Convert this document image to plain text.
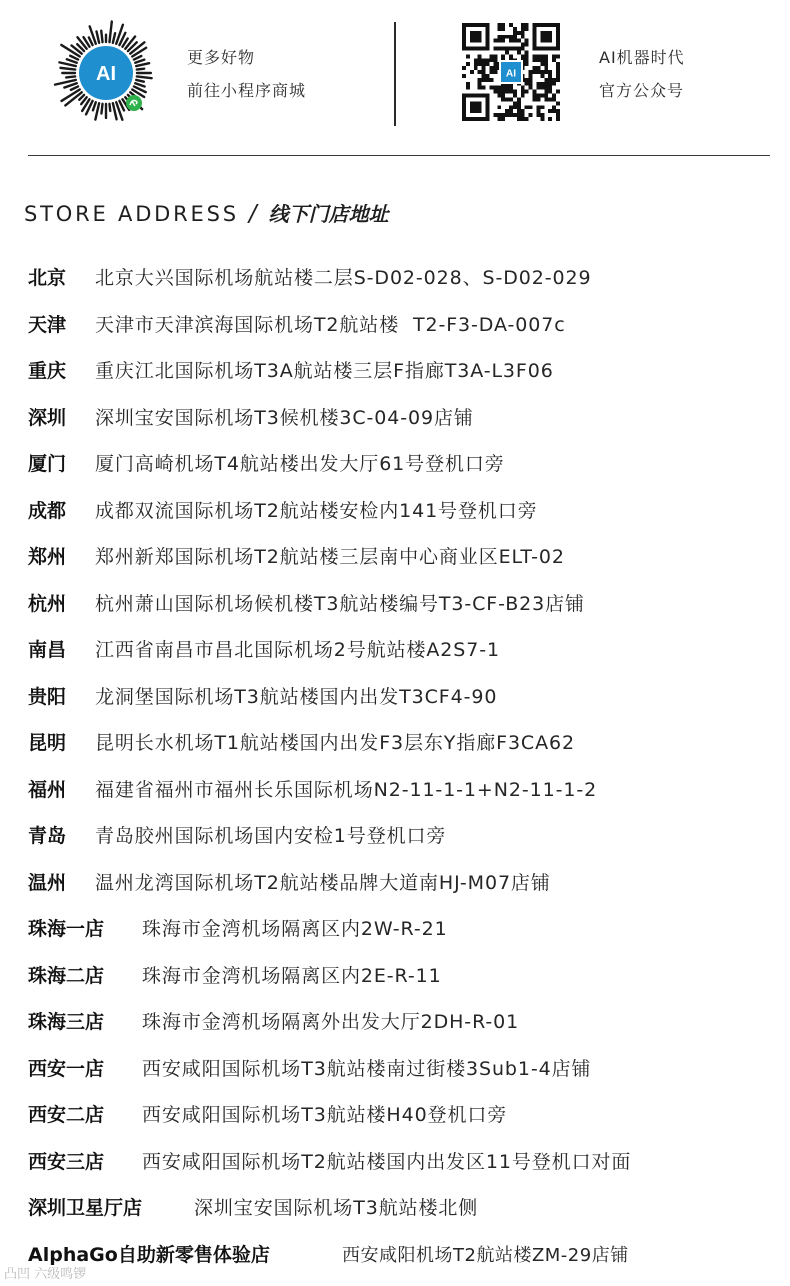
AI
更多好物
前往小程序商城
AI
AI机器时代
官方公众号
STORE ADDRESS / 线下门店地址
北京 北京大兴国际机场航站楼二层S-D02-028、S-D02-029
天津 天津市天津滨海国际机场T2航站楼  T2-F3-DA-007c
重庆 重庆江北国际机场T3A航站楼三层F指廊T3A-L3F06
深圳 深圳宝安国际机场T3候机楼3C-04-09店铺
厦门 厦门高崎机场T4航站楼出发大厅61号登机口旁
成都 成都双流国际机场T2航站楼安检内141号登机口旁
郑州 郑州新郑国际机场T2航站楼三层南中心商业区ELT-02
杭州 杭州萧山国际机场候机楼T3航站楼编号T3-CF-B23店铺
南昌 江西省南昌市昌北国际机场2号航站楼A2S7-1
贵阳 龙洞堡国际机场T3航站楼国内出发T3CF4-90
昆明 昆明长水机场T1航站楼国内出发F3层东Y指廊F3CA62
福州 福建省福州市福州长乐国际机场N2-11-1-1+N2-11-1-2
青岛 青岛胶州国际机场国内安检1号登机口旁
温州 温州龙湾国际机场T2航站楼品牌大道南HJ-M07店铺
珠海一店 珠海市金湾机场隔离区内2W-R-21
珠海二店 珠海市金湾机场隔离区内2E-R-11
珠海三店 珠海市金湾机场隔离外出发大厅2DH-R-01
西安一店 西安咸阳国际机场T3航站楼南过街楼3Sub1-4店铺
西安二店 西安咸阳国际机场T3航站楼H40登机口旁
西安三店 西安咸阳国际机场T2航站楼国内出发区11号登机口对面
深圳卫星厅店	深圳宝安国际机场T3航站楼北侧
AlphaGo自助新零售体验店	西安咸阳机场T2航站楼ZM-29店铺
凸凹 六级鸣锣
